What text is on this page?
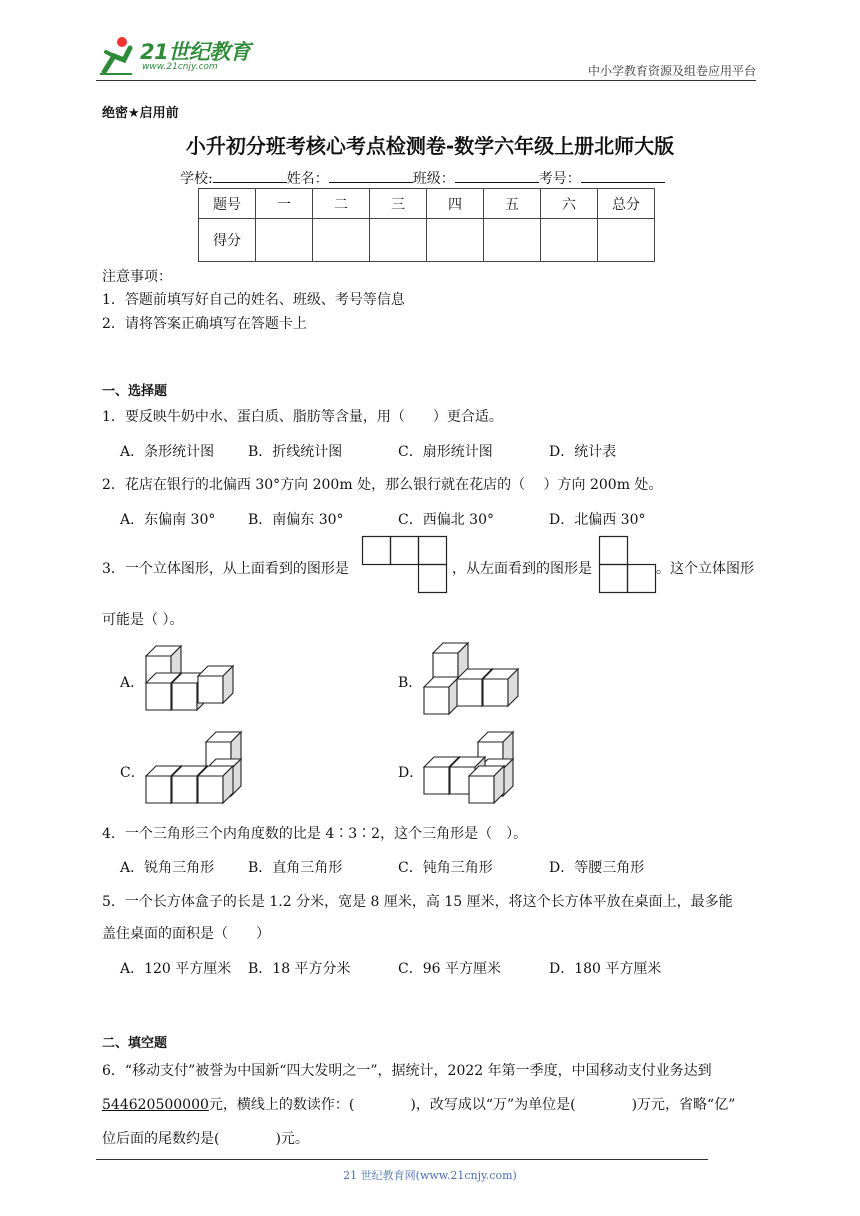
21世纪教育
www.21cnjy.com	中小学教育资源及组卷应用平台
绝密★启用前
小升初分班考核心考点检测卷-数学六年级上册北师大版
学校:	姓名：	班级：	考号：
题号	一	二	三	四	五	六	总分
得分							
注意事项：
1．答题前填写好自己的姓名、班级、考号等信息
2．请将答案正确填写在答题卡上
一、选择题
1．要反映牛奶中水、蛋白质、脂肪等含量，用（　　）更合适。
A．条形统计图 B．折线统计图	C．扇形统计图	D．统计表
2．花店在银行的北偏西 30°方向 200m 处，那么银行就在花店的（　 ）方向 200m 处。
A．东偏南 30° B．南偏东 30°	C．西偏北 30°	D．北偏西 30°
3．一个立体图形，从上面看到的图形是	，从左面看到的图形是	。这个立体图形
可能是（ ）。
A．	B．
C．	D．
4．一个三角形三个内角度数的比是 4∶3∶2，这个三角形是（　）。
A．锐角三角形 B．直角三角形	C．钝角三角形	D．等腰三角形
5．一个长方体盒子的长是 1.2 分米，宽是 8 厘米，高 15 厘米，将这个长方体平放在桌面上，最多能
盖住桌面的面积是（　　）
A．120 平方厘米 B．18 平方分米	C．96 平方厘米	D．180 平方厘米
二、填空题
6．“移动支付”被誉为中国新“四大发明之一”，据统计，2022 年第一季度，中国移动支付业务达到
544620500000元，横线上的数读作：(　　　　)，改写成以“万”为单位是(　　　　)万元，省略“亿”
位后面的尾数约是(　　　　)元。
21 世纪教育网(www.21cnjy.com)
